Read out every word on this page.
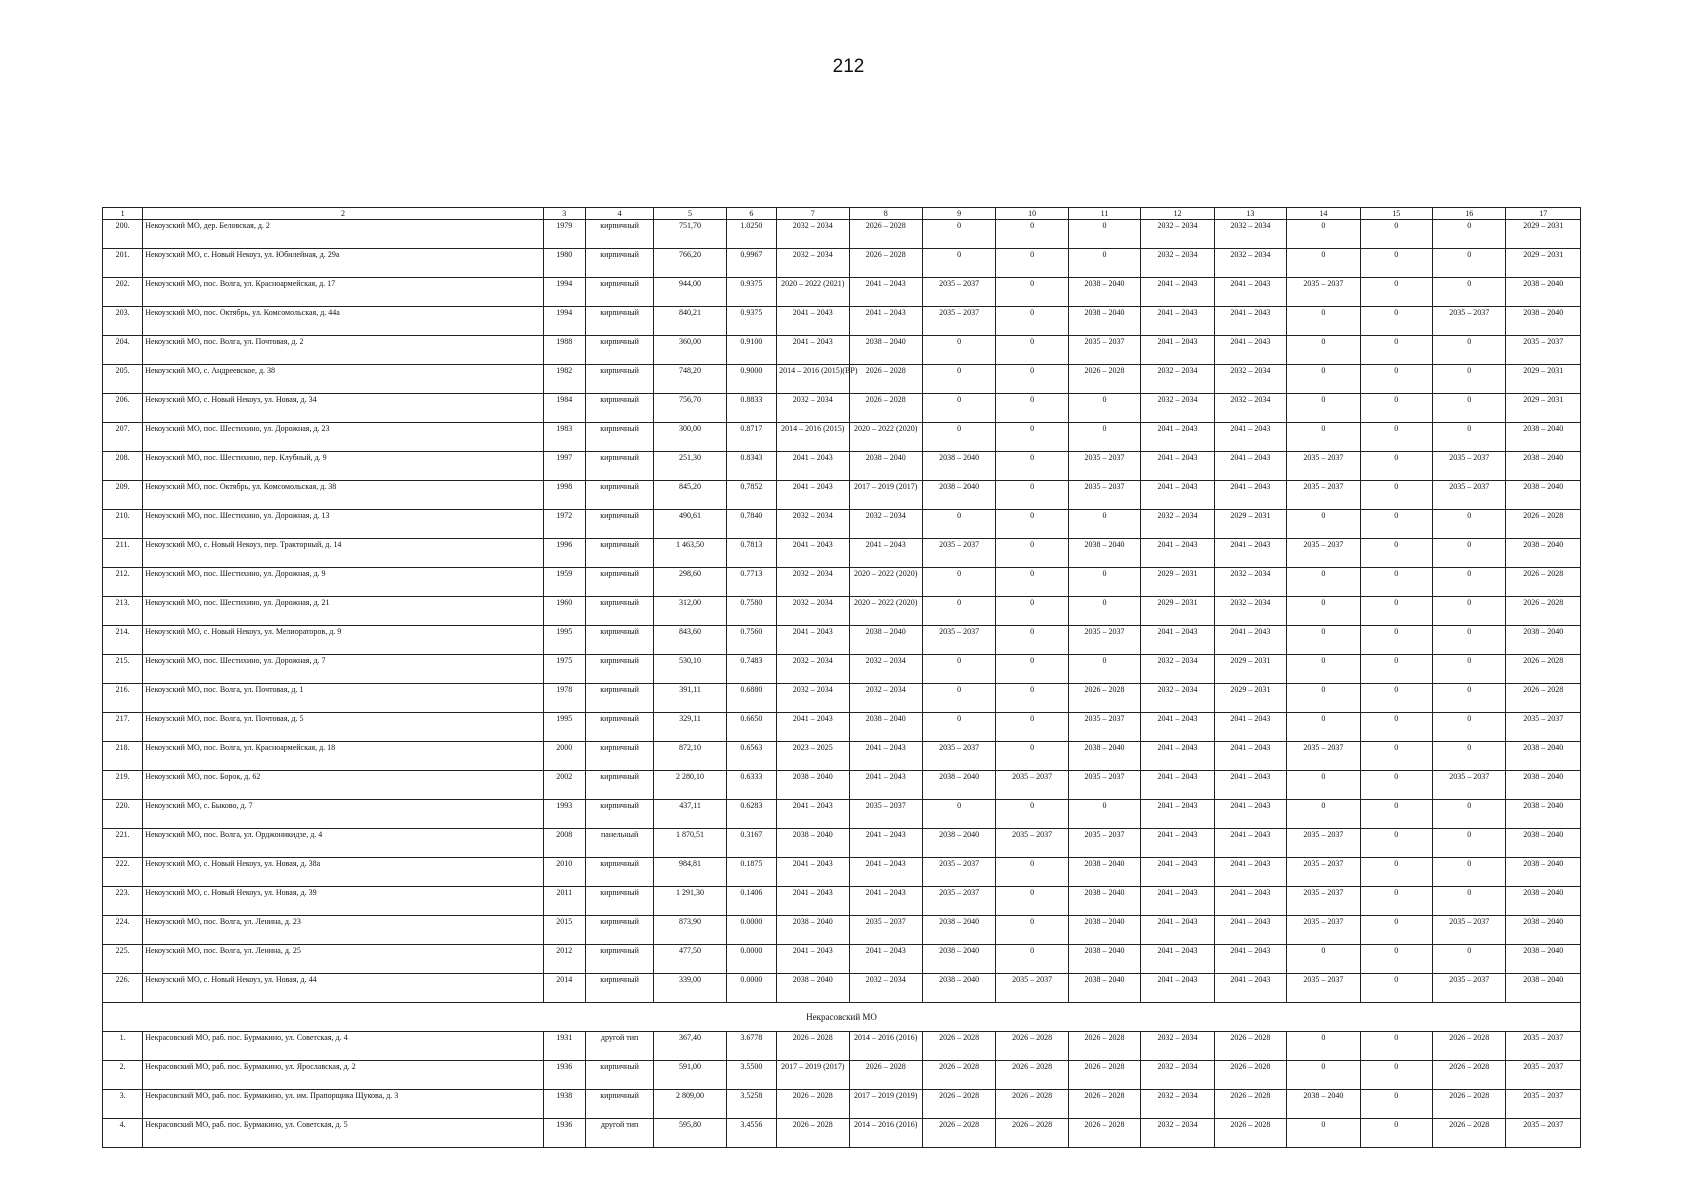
212
1	2	3	4	5	6	7	8	9	10	11	12	13	14	15	16	17
200.	Некоузский МО, дер. Беловская, д. 2	1979	кирпичный	751,70	1.0250	2032 – 2034	2026 – 2028	0	0	0	2032 – 2034	2032 – 2034	0	0	0	2029 – 2031
201.	Некоузский МО, с. Новый Некоуз, ул. Юбилейная, д. 29а	1980	кирпичный	766,20	0.9967	2032 – 2034	2026 – 2028	0	0	0	2032 – 2034	2032 – 2034	0	0	0	2029 – 2031
202.	Некоузский МО, пос. Волга, ул. Красноармейская, д. 17	1994	кирпичный	944,00	0.9375	2020 – 2022 (2021)	2041 – 2043	2035 – 2037	0	2038 – 2040	2041 – 2043	2041 – 2043	2035 – 2037	0	0	2038 – 2040
203.	Некоузский МО, пос. Октябрь, ул. Комсомольская, д. 44а	1994	кирпичный	840,21	0.9375	2041 – 2043	2041 – 2043	2035 – 2037	0	2038 – 2040	2041 – 2043	2041 – 2043	0	0	2035 – 2037	2038 – 2040
204.	Некоузский МО, пос. Волга, ул. Почтовая, д. 2	1988	кирпичный	360,00	0.9100	2041 – 2043	2038 – 2040	0	0	2035 – 2037	2041 – 2043	2041 – 2043	0	0	0	2035 – 2037
205.	Некоузский МО, с. Андреевское, д. 38	1982	кирпичный	748,20	0.9000	2014 – 2016 (2015)(ВР)	2026 – 2028	0	0	2026 – 2028	2032 – 2034	2032 – 2034	0	0	0	2029 – 2031
206.	Некоузский МО, с. Новый Некоуз, ул. Новая, д. 34	1984	кирпичный	756,70	0.8833	2032 – 2034	2026 – 2028	0	0	0	2032 – 2034	2032 – 2034	0	0	0	2029 – 2031
207.	Некоузский МО, пос. Шестихино, ул. Дорожная, д. 23	1983	кирпичный	300,00	0.8717	2014 – 2016 (2015)	2020 – 2022 (2020)	0	0	0	2041 – 2043	2041 – 2043	0	0	0	2038 – 2040
208.	Некоузский МО, пос. Шестихино, пер. Клубный, д. 9	1997	кирпичный	251,30	0.8343	2041 – 2043	2038 – 2040	2038 – 2040	0	2035 – 2037	2041 – 2043	2041 – 2043	2035 – 2037	0	2035 – 2037	2038 – 2040
209.	Некоузский МО, пос. Октябрь, ул. Комсомольская, д. 38	1998	кирпичный	845,20	0.7852	2041 – 2043	2017 – 2019 (2017)	2038 – 2040	0	2035 – 2037	2041 – 2043	2041 – 2043	2035 – 2037	0	2035 – 2037	2038 – 2040
210.	Некоузский МО, пос. Шестихино, ул. Дорожная, д. 13	1972	кирпичный	490,61	0.7840	2032 – 2034	2032 – 2034	0	0	0	2032 – 2034	2029 – 2031	0	0	0	2026 – 2028
211.	Некоузский МО, с. Новый Некоуз, пер. Тракторный, д. 14	1996	кирпичный	1 463,50	0.7813	2041 – 2043	2041 – 2043	2035 – 2037	0	2038 – 2040	2041 – 2043	2041 – 2043	2035 – 2037	0	0	2038 – 2040
212.	Некоузский МО, пос. Шестихино, ул. Дорожная, д. 9	1959	кирпичный	298,60	0.7713	2032 – 2034	2020 – 2022 (2020)	0	0	0	2029 – 2031	2032 – 2034	0	0	0	2026 – 2028
213.	Некоузский МО, пос. Шестихино, ул. Дорожная, д. 21	1960	кирпичный	312,00	0.7580	2032 – 2034	2020 – 2022 (2020)	0	0	0	2029 – 2031	2032 – 2034	0	0	0	2026 – 2028
214.	Некоузский МО, с. Новый Некоуз, ул. Мелиораторов, д. 9	1995	кирпичный	843,60	0.7560	2041 – 2043	2038 – 2040	2035 – 2037	0	2035 – 2037	2041 – 2043	2041 – 2043	0	0	0	2038 – 2040
215.	Некоузский МО, пос. Шестихино, ул. Дорожная, д. 7	1975	кирпичный	530,10	0.7483	2032 – 2034	2032 – 2034	0	0	0	2032 – 2034	2029 – 2031	0	0	0	2026 – 2028
216.	Некоузский МО, пос. Волга, ул. Почтовая, д. 1	1978	кирпичный	391,11	0.6880	2032 – 2034	2032 – 2034	0	0	2026 – 2028	2032 – 2034	2029 – 2031	0	0	0	2026 – 2028
217.	Некоузский МО, пос. Волга, ул. Почтовая, д. 5	1995	кирпичный	329,11	0.6650	2041 – 2043	2038 – 2040	0	0	2035 – 2037	2041 – 2043	2041 – 2043	0	0	0	2035 – 2037
218.	Некоузский МО, пос. Волга, ул. Красноармейская, д. 18	2000	кирпичный	872,10	0.6563	2023 – 2025	2041 – 2043	2035 – 2037	0	2038 – 2040	2041 – 2043	2041 – 2043	2035 – 2037	0	0	2038 – 2040
219.	Некоузский МО, пос. Борок, д. 62	2002	кирпичный	2 280,10	0.6333	2038 – 2040	2041 – 2043	2038 – 2040	2035 – 2037	2035 – 2037	2041 – 2043	2041 – 2043	0	0	2035 – 2037	2038 – 2040
220.	Некоузский МО, с. Быково, д. 7	1993	кирпичный	437,11	0.6283	2041 – 2043	2035 – 2037	0	0	0	2041 – 2043	2041 – 2043	0	0	0	2038 – 2040
221.	Некоузский МО, пос. Волга, ул. Орджоникидзе, д. 4	2008	панельный	1 870,51	0.3167	2038 – 2040	2041 – 2043	2038 – 2040	2035 – 2037	2035 – 2037	2041 – 2043	2041 – 2043	2035 – 2037	0	0	2038 – 2040
222.	Некоузский МО, с. Новый Некоуз, ул. Новая, д. 38а	2010	кирпичный	984,81	0.1875	2041 – 2043	2041 – 2043	2035 – 2037	0	2038 – 2040	2041 – 2043	2041 – 2043	2035 – 2037	0	0	2038 – 2040
223.	Некоузский МО, с. Новый Некоуз, ул. Новая, д. 39	2011	кирпичный	1 291,30	0.1406	2041 – 2043	2041 – 2043	2035 – 2037	0	2038 – 2040	2041 – 2043	2041 – 2043	2035 – 2037	0	0	2038 – 2040
224.	Некоузский МО, пос. Волга, ул. Ленина, д. 23	2015	кирпичный	873,90	0.0000	2038 – 2040	2035 – 2037	2038 – 2040	0	2038 – 2040	2041 – 2043	2041 – 2043	2035 – 2037	0	2035 – 2037	2038 – 2040
225.	Некоузский МО, пос. Волга, ул. Ленина, д. 25	2012	кирпичный	477,50	0.0000	2041 – 2043	2041 – 2043	2038 – 2040	0	2038 – 2040	2041 – 2043	2041 – 2043	0	0	0	2038 – 2040
226.	Некоузский МО, с. Новый Некоуз, ул. Новая, д. 44	2014	кирпичный	339,00	0.0000	2038 – 2040	2032 – 2034	2038 – 2040	2035 – 2037	2038 – 2040	2041 – 2043	2041 – 2043	2035 – 2037	0	2035 – 2037	2038 – 2040
Некрасовский МО																
1.	Некрасовский МО, раб. пос. Бурмакино, ул. Советская, д. 4	1931	другой тип	367,40	3.6778	2026 – 2028	2014 – 2016 (2016)	2026 – 2028	2026 – 2028	2026 – 2028	2032 – 2034	2026 – 2028	0	0	2026 – 2028	2035 – 2037
2.	Некрасовский МО, раб. пос. Бурмакино, ул. Ярославская, д. 2	1936	кирпичный	591,00	3.5500	2017 – 2019 (2017)	2026 – 2028	2026 – 2028	2026 – 2028	2026 – 2028	2032 – 2034	2026 – 2028	0	0	2026 – 2028	2035 – 2037
3.	Некрасовский МО, раб. пос. Бурмакино, ул. им. Прапорщика Щукова, д. 3	1938	кирпичный	2 809,00	3.5258	2026 – 2028	2017 – 2019 (2019)	2026 – 2028	2026 – 2028	2026 – 2028	2032 – 2034	2026 – 2028	2038 – 2040	0	2026 – 2028	2035 – 2037
4.	Некрасовский МО, раб. пос. Бурмакино, ул. Советская, д. 5	1936	другой тип	595,80	3.4556	2026 – 2028	2014 – 2016 (2016)	2026 – 2028	2026 – 2028	2026 – 2028	2032 – 2034	2026 – 2028	0	0	2026 – 2028	2035 – 2037
